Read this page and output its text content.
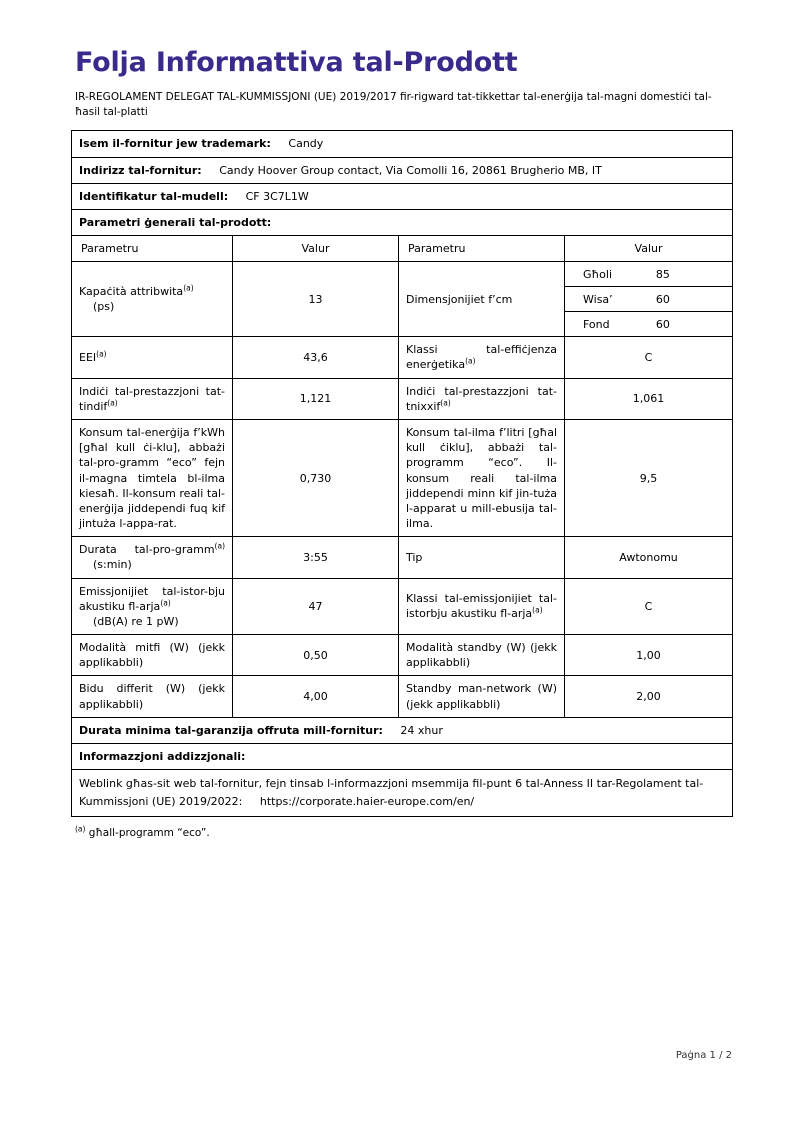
Folja Informattiva tal-Prodott

IR-REGOLAMENT DELEGAT TAL-KUMMISSJONI (UE) 2019/2017 fir-rigward tat-tikkettar tal-enerġija tal-magni domestiċi tal-ħasil tal-platti

Isem il-fornitur jew trademark: Candy
Indirizz tal-fornitur: Candy Hoover Group contact, Via Comolli 16, 20861 Brugherio MB, IT
Identifikatur tal-mudell: CF 3C7L1W
Parametri ġenerali tal-prodott:
Parametru	Valur	Parametru	Valur
Kapaċità attribwita$^{(a)}$
(ps)	13	Dimensjonijiet f’cm	
Għoli	85
Wisa’	60
Fond	60

EEI$^{(a)}$	43,6	Klassi tal-effiċjenza enerġetika$^{(a)}$	C
Indiċi tal-prestazzjoni tat-tindif$^{(a)}$	1,121	Indiċi tal-prestazzjoni tat-tnixxif$^{(a)}$	1,061
Konsum tal-enerġija f’kWh [għal kull ċi-klu], abbażi tal-pro-gramm “eco” fejn il-magna timtela bl-ilma kiesaħ. Il-konsum reali tal-enerġija jiddependi fuq kif jintuża l-appa-rat.	0,730	Konsum tal-ilma f’litri [għal kull ċiklu], abbażi tal-programm “eco”. Il-konsum reali tal-ilma jiddependi minn kif jin-tuża l-apparat u mill-ebusija tal-ilma.	9,5
Durata tal-pro-gramm$^{(a)}$ (s:min)	3:55	Tip	Awtonomu
Emissjonijiet tal-istor-bju akustiku fl-arja$^{(a)}$
(dB(A) re 1 pW)	47	Klassi tal-emissjonijiet tal-istorbju akustiku fl-arja$^{(a)}$	C
Modalità mitfi (W) (jekk applikabbli)	0,50	Modalità standby (W) (jekk applikabbli)	1,00
Bidu differit (W) (jekk applikabbli)	4,00	Standby man-network (W) (jekk applikabbli)	2,00
Durata minima tal-garanzija offruta mill-fornitur: 24 xhur
Informazzjoni addizzjonali:
Weblink għas-sit web tal-fornitur, fejn tinsab l-informazzjoni msemmija fil-punt 6 tal-Anness II tar-Regolament tal-Kummissjoni (UE) 2019/2022: https://corporate.haier-europe.com/en/
$^{(a)}$ għall-programm “eco”.
Paġna 1 / 2
